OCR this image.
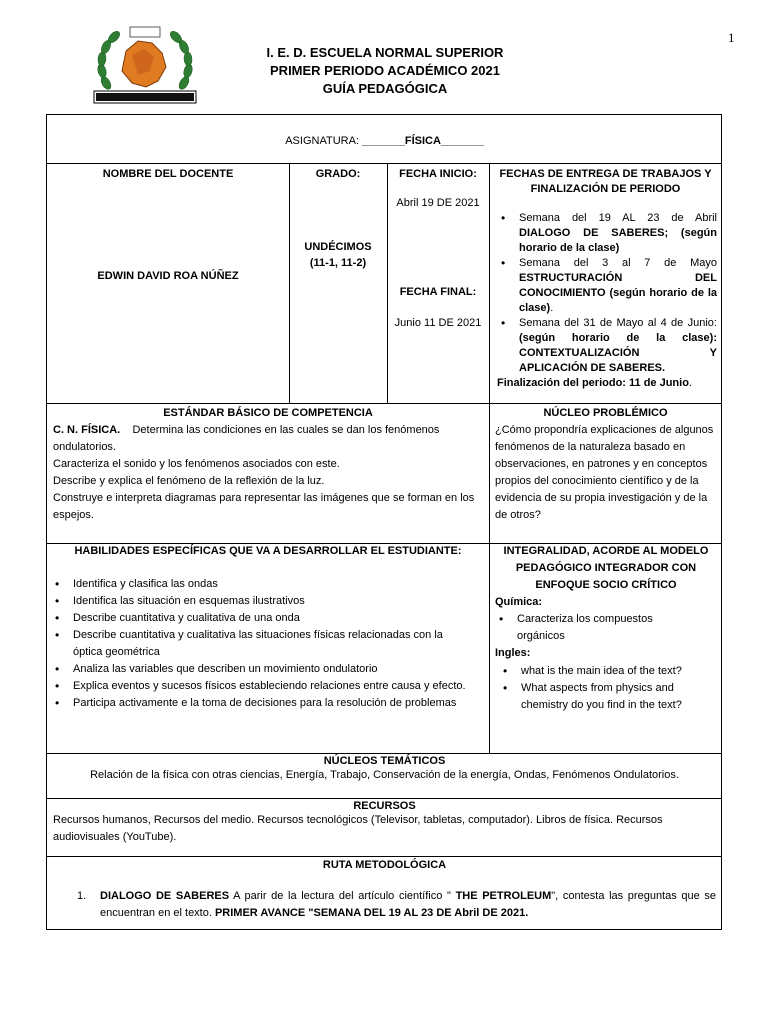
1
I. E. D. ESCUELA NORMAL SUPERIOR
PRIMER PERIODO ACADÉMICO 2021
GUÍA PEDAGÓGICA
ASIGNATURA: _______FÍSICA_______
NOMBRE DEL DOCENTE
EDWIN DAVID ROA NÚÑEZ
GRADO:
UNDÉCIMOS
(11-1, 11-2)
FECHA INICIO:
Abril 19 DE 2021
FECHA FINAL:
Junio 11 DE 2021
FECHAS DE ENTREGA DE TRABAJOS Y
FINALIZACIÓN DE PERIODO
• Semana del 19 AL 23 de Abril DIALOGO DE SABERES; (según horario de la clase)
• Semana del 3 al 7 de Mayo ESTRUCTURACIÓN DEL CONOCIMIENTO (según horario de la clase).
• Semana del 31 de Mayo al 4 de Junio:(según horario de la clase): CONTEXTUALIZACIÓN Y APLICACIÓN DE SABERES.
Finalización del periodo: 11 de Junio.
ESTÁNDAR BÁSICO DE COMPETENCIA
C. N. FÍSICA. Determina las condiciones en las cuales se dan los fenómenos ondulatorios.
Caracteriza el sonido y los fenómenos asociados con este.
Describe y explica el fenómeno de la reflexión de la luz.
Construye e interpreta diagramas para representar las imágenes que se forman en los espejos.
NÚCLEO PROBLÉMICO
¿Cómo propondría explicaciones de algunos fenómenos de la naturaleza basado en observaciones, en patrones y en conceptos propios del conocimiento científico y de la evidencia de su propia investigación y de la de otros?
HABILIDADES ESPECÍFICAS QUE VA A DESARROLLAR EL ESTUDIANTE:
• Identifica y clasifica las ondas
• Identifica las situación en esquemas ilustrativos
• Describe cuantitativa y cualitativa de una onda
• Describe cuantitativa y cualitativa las situaciones físicas relacionadas con la óptica geométrica
• Analiza las variables que describen un movimiento ondulatorio
• Explica eventos y sucesos físicos estableciendo relaciones entre causa y efecto.
• Participa activamente e la toma de decisiones para la resolución de problemas
INTEGRALIDAD, ACORDE AL MODELO PEDAGÓGICO INTEGRADOR CON ENFOQUE SOCIO CRÍTICO
Química:
• Caracteriza los compuestos orgánicos
Ingles:
• what is the main idea of the text?
• What aspects from physics and chemistry do you find in the text?
NÚCLEOS TEMÁTICOS
Relación de la física con otras ciencias, Energía, Trabajo, Conservación de la energía, Ondas, Fenómenos Ondulatorios.
RECURSOS
Recursos humanos, Recursos del medio. Recursos tecnológicos (Televisor, tabletas, computador). Libros de física. Recursos audiovisuales (YouTube).
RUTA METODOLÓGICA
1. DIALOGO DE SABERES A parir de la lectura del artículo científico " THE PETROLEUM", contesta las preguntas que se encuentran en el texto. PRIMER AVANCE "SEMANA DEL 19 AL 23 DE Abril DE 2021.
